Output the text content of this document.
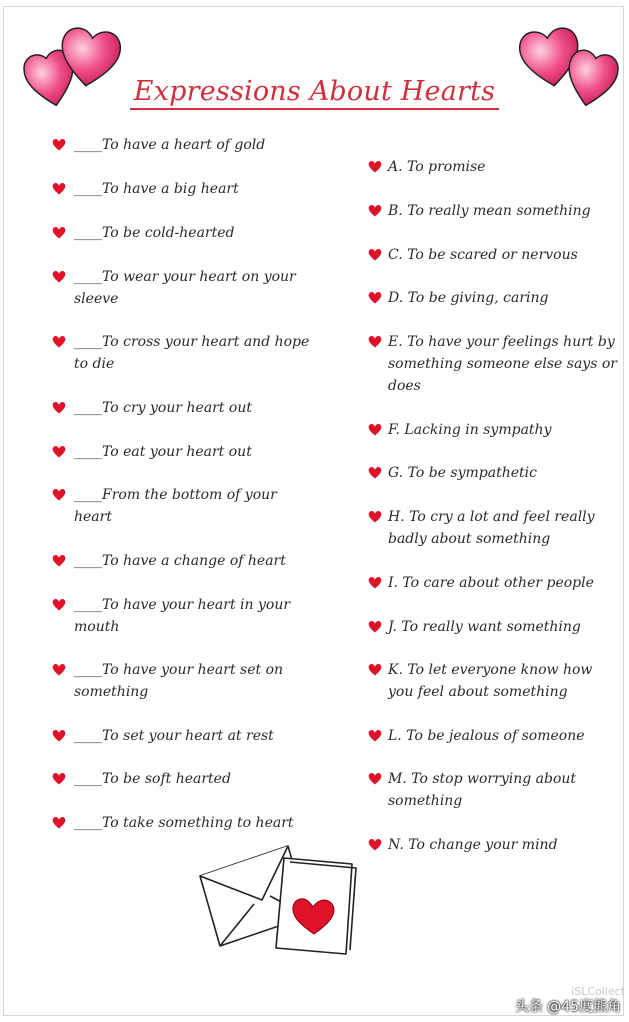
Expressions About Hearts
____To have a heart of gold
____To have a big heart
____To be cold-hearted
____To wear your heart on your sleeve
____To cross your heart and hope to die
____To cry your heart out
____To eat your heart out
____From the bottom of your heart
____To have a change of heart
____To have your heart in your mouth
____To have your heart set on something
____To set your heart at rest
____To be soft hearted
____To take something to heart
A. To promise
B. To really mean something
C. To be scared or nervous
D. To be giving, caring
E. To have your feelings hurt by something someone else says or does
F. Lacking in sympathy
G. To be sympathetic
H. To cry a lot and feel really badly about something
I. To care about other people
J. To really want something
K. To let everyone know how you feel about something
L. To be jealous of someone
M. To stop worrying about something
N. To change your mind
iSLCollect
头条 @45度熊角
